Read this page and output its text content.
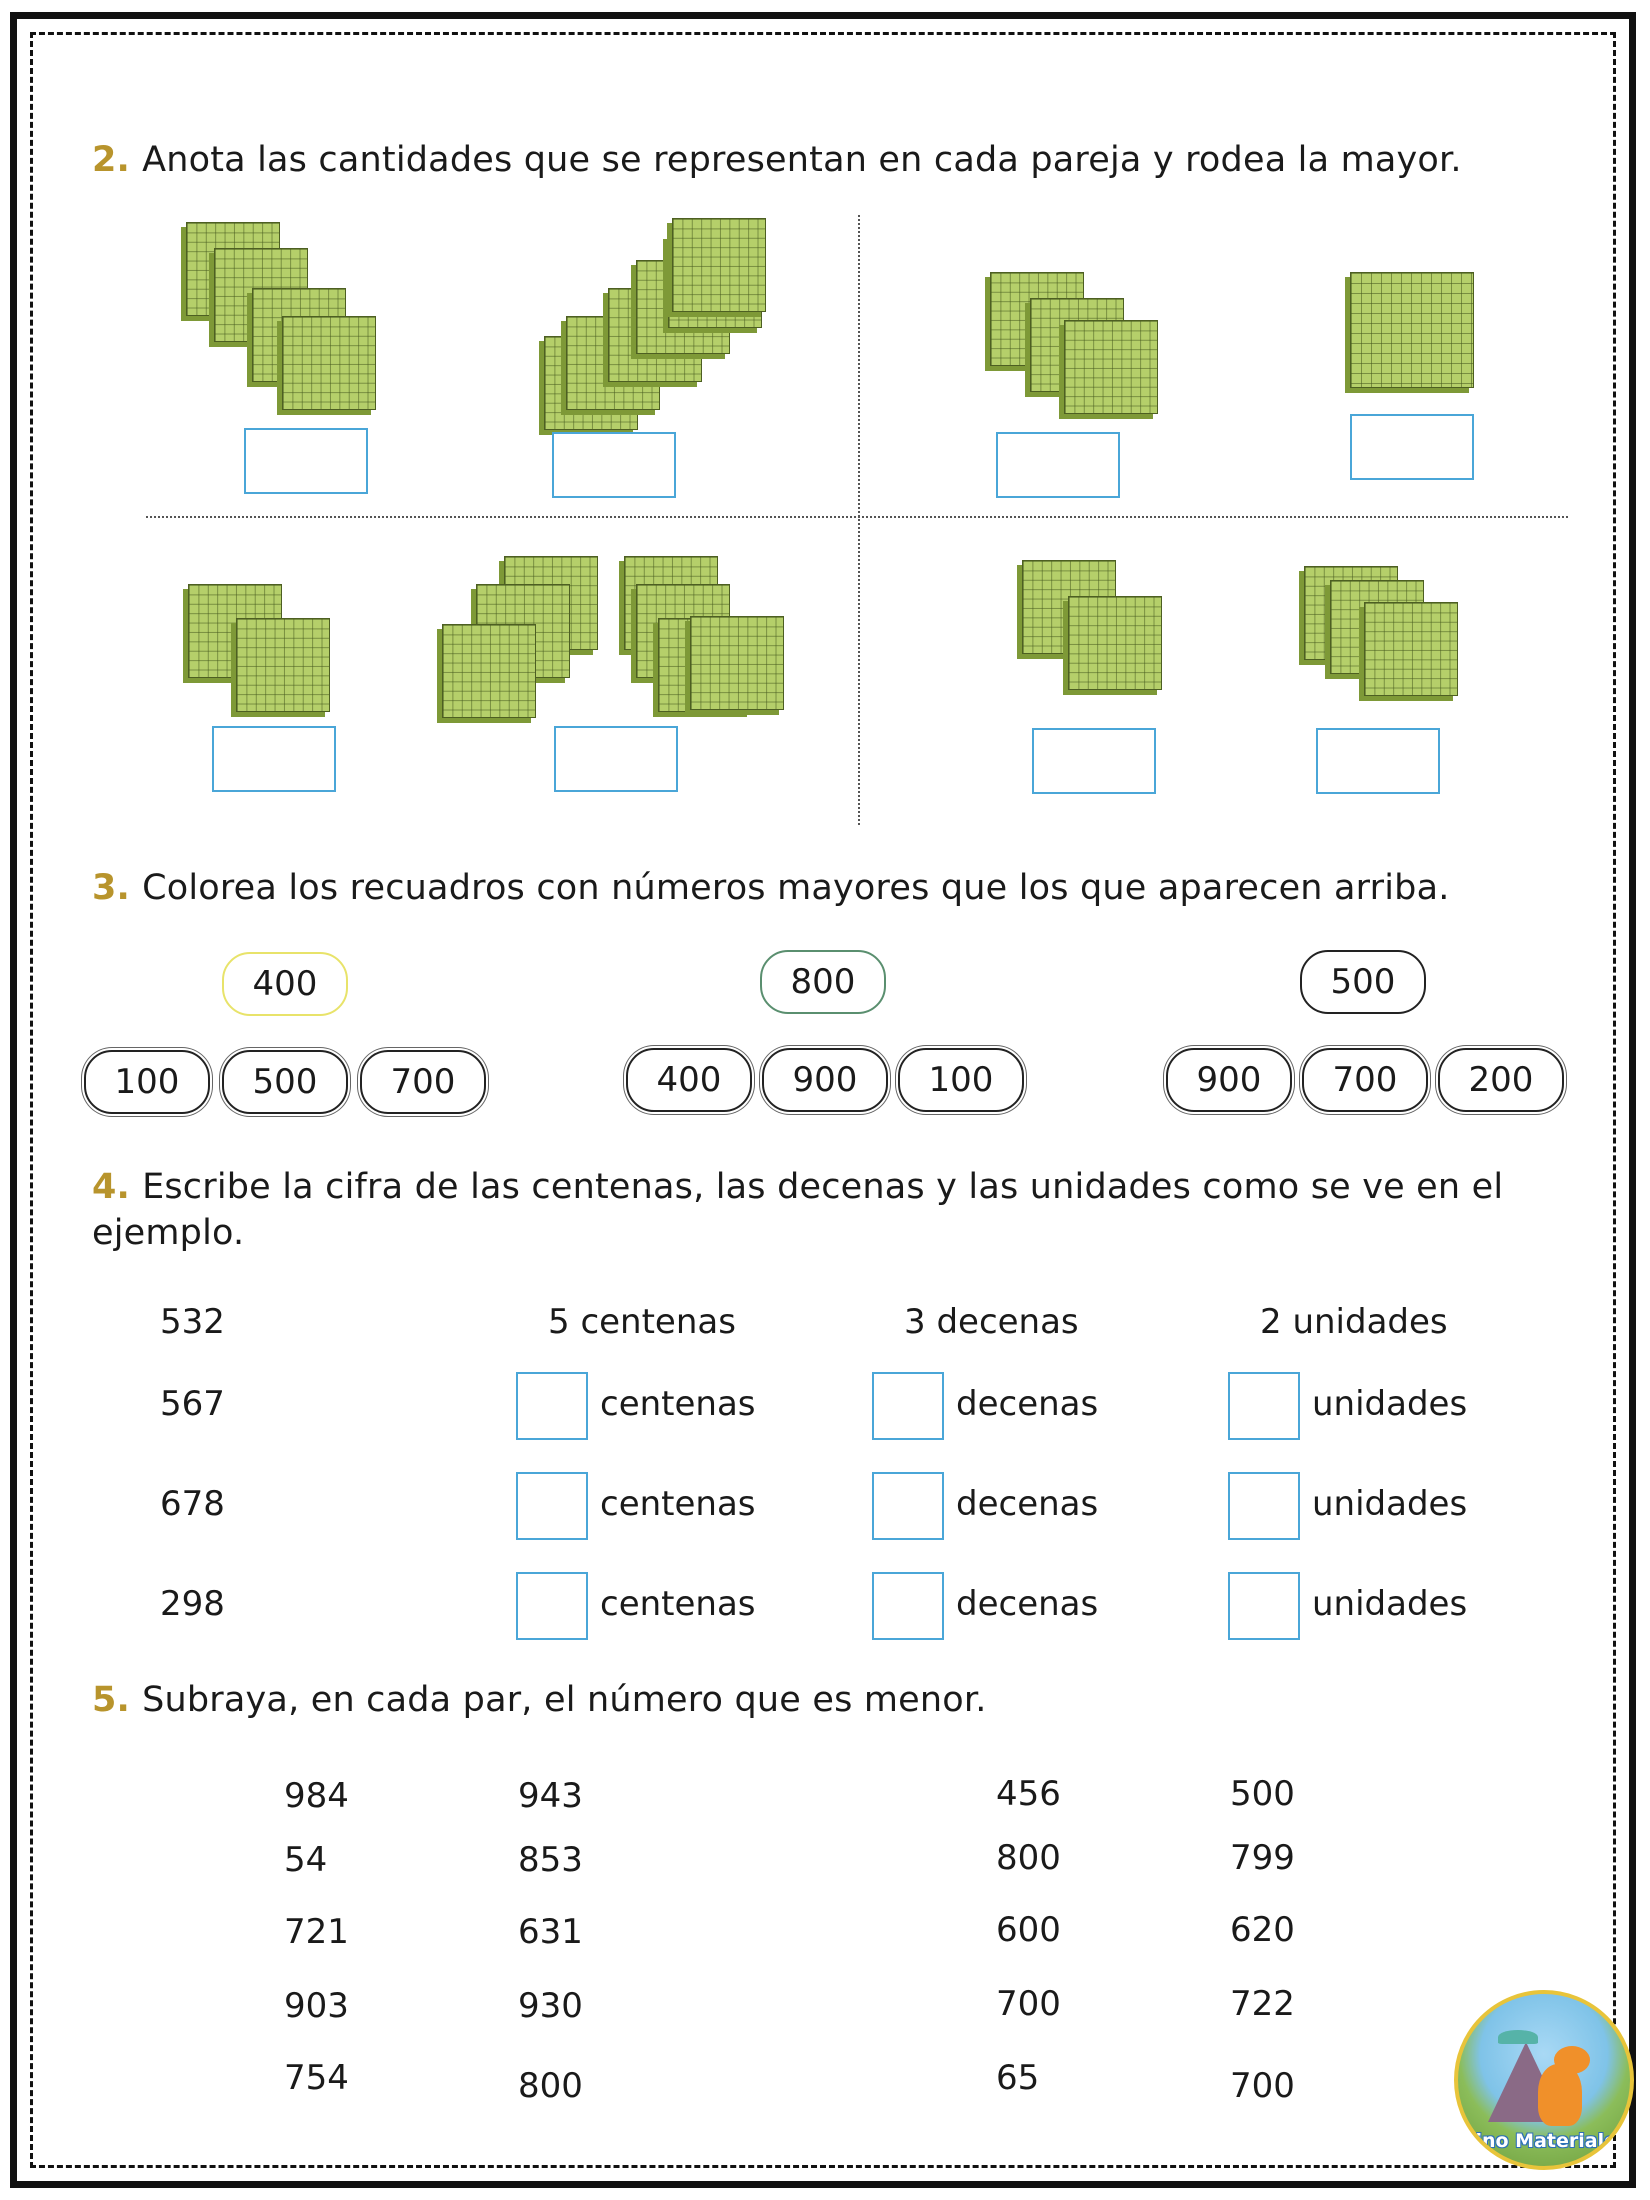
2. Anota las cantidades que se representan en cada pareja y rodea la mayor.
3. Colorea los recuadros con números mayores que los que aparecen arriba.
400
100	500	700
800
400	900	100
500
900	700	200
4. Escribe la cifra de las centenas, las decenas y las unidades como se ve en el ejemplo.
532	5 centenas	3 decenas	2 unidades
567	centenas	decenas	unidades
678	centenas	decenas	unidades
298	centenas	decenas	unidades
5. Subraya, en cada par, el número que es menor.
984	943
54	853
721	631
903	930
754	800
456	500
800	799
600	620
700	722
65	700
Dino Materiales
